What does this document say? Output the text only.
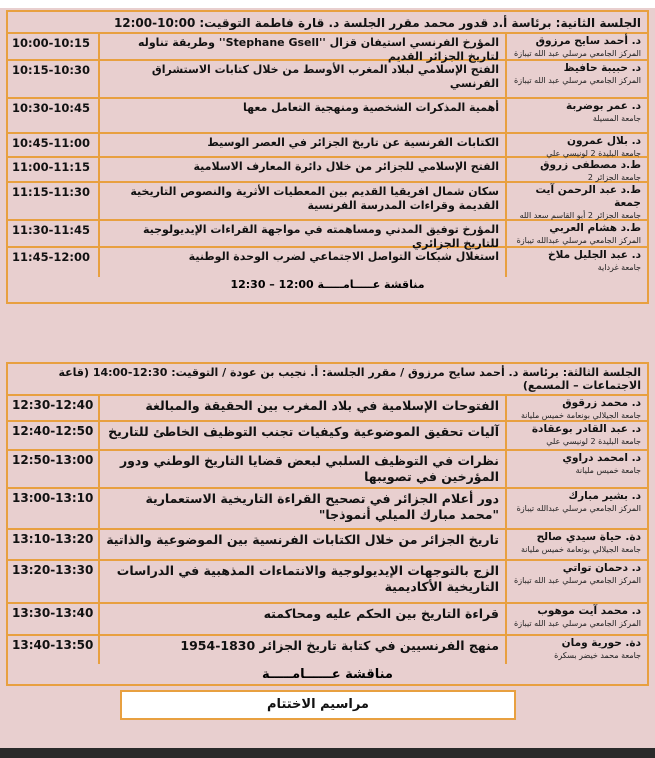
الجلسة الثانية: برئاسة أ.د قدور محمد مقرر الجلسة د. قارة فاطمة التوقيت:10:00-12:00
10:00-10:15	المؤرخ الفرنسي استيفان قزال ''Stephane Gsell'' وطريقة تناوله لتاريخ الجزائر القديم
د. أحمد سايح مرزوق
المركز الجامعي مرسلي عبد الله تيبازة
10:15-10:30	الفتح الإسلامي لبلاد المغرب الأوسط من خلال كتابات الاستشراق الفرنسي
د. حبيبة حافيظ
المركز الجامعي مرسلي عبد الله تيبازة
10:30-10:45	أهمية المذكرات الشخصية ومنهجية التعامل معها	د. عمر بوضربة
جامعة المسيلة
10:45-11:00	الكتابات الفرنسية عن تاريخ الجزائر في العصر الوسيط	د. بلال عمرون
جامعة البليدة 2 لونيسي علي
11:00-11:15	الفتح الإسلامي للجزائر من خلال دائرة المعارف الاسلامية	ط.د مصطفى زروق
جامعة الجزائر 2
11:15-11:30	سكان شمال افريقيا القديم بين المعطيات الأثرية والنصوص التاريخية القديمة وقراءات المدرسة الفرنسية
ط.د عبد الرحمن آيت جمعة
جامعة الجزائر 2 أبو القاسم سعد الله
11:30-11:45	المؤرخ توفيق المدني ومساهمته في مواجهة القراءات الإيديولوجية للتاريخ الجزائري
ط.د هشام العربي
المركز الجامعي مرسلي عبدالله تيبازة
11:45-12:00	استغلال شبكات التواصل الاجتماعي لضرب الوحدة الوطنية	د. عبد الجليل ملاخ
جامعة غرداية
مناقشة عـــــامـــــة 12:00 – 12:30
الجلسة الثالثة: برئاسة د. أحمد سايح مرزوق / مقرر الجلسة: أ. نجيب بن عودة / التوقيت: 12:30-14:00 (قاعة الاجتماعات – المسمع)
12:30-12:40	الفتوحات الإسلامية في بلاد المغرب بين الحقيقة والمبالغة	د. محمد زرقوق
جامعة الجيلالي بونعامة خميس مليانة
12:40-12:50	آليات تحقيق الموضوعية وكيفيات تجنب التوظيف الخاطئ للتاريخ	د. عبد القادر بوعقادة
جامعة البليدة 2 لونيسي علي
12:50-13:00	نظرات في التوظيف السلبي لبعض قضايا التاريخ الوطني ودور المؤرخين في تصويبها
د. امحمد دراوي
جامعة خميس مليانة
13:00-13:10	دور أعلام الجزائر في تصحيح القراءة التاريخية الاستعمارية "محمد مبارك الميلي أنموذجا"
د. بشير مبارك
المركز الجامعي مرسلي عبدالله تيبازة
13:10-13:20	تاريخ الجزائر من خلال الكتابات الفرنسية بين الموضوعية والذاتية	دة. حياة سيدي صالح
جامعة الجيلالي بونعامة خميس مليانة
13:20-13:30	الزج بالتوجهات الإيديولوجية والانتماءات المذهبية في الدراسات التاريخية الأكاديمية
د. دحمان تواتي
المركز الجامعي مرسلي عبد الله تيبازة
13:30-13:40	قراءة التاريخ بين الحكم عليه ومحاكمته	د. محمد آيت موهوب
المركز الجامعي مرسلي عبد الله تيبازة
13:40-13:50	منهج الفرنسيين في كتابة تاريخ الجزائر 1830-1954	دة. حورية ومان
جامعة محمد خيضر بسكرة
مناقشة عــــــامـــــة
مراسيم الاختتام
